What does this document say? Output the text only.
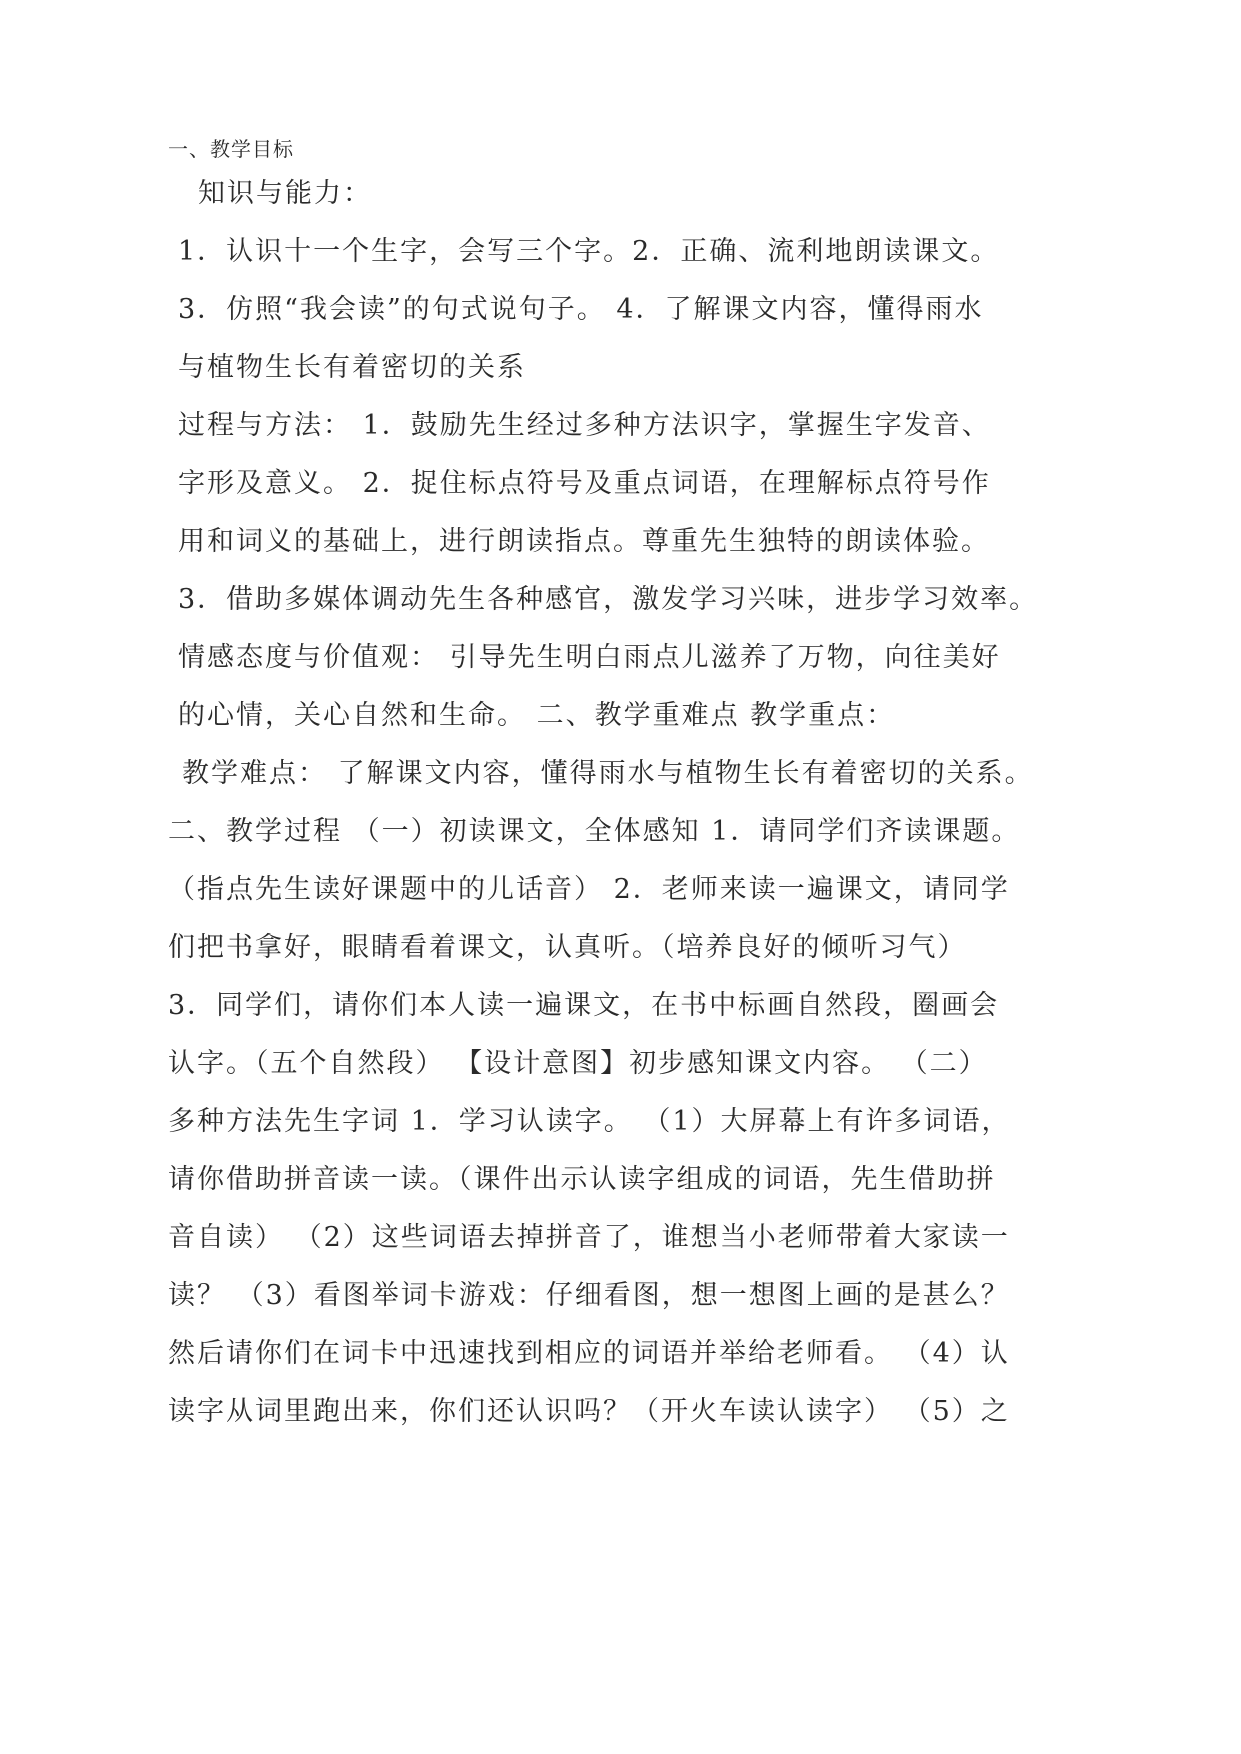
一、教学目标
知识与能力：
1．认识十一个生字，会写三个字。2．正确、流利地朗读课文。
3．仿照“我会读”的句式说句子。 4．了解课文内容，懂得雨水
与植物生长有着密切的关系
过程与方法： 1．鼓励先生经过多种方法识字，掌握生字发音、
字形及意义。 2．捉住标点符号及重点词语，在理解标点符号作
用和词义的基础上，进行朗读指点。尊重先生独特的朗读体验。
3．借助多媒体调动先生各种感官，激发学习兴味，进步学习效率。
情感态度与价值观： 引导先生明白雨点儿滋养了万物，向往美好
的心情，关心自然和生命。 二、教学重难点 教学重点：
教学难点： 了解课文内容，懂得雨水与植物生长有着密切的关系。
二、教学过程 （一）初读课文，全体感知 1．请同学们齐读课题。
（指点先生读好课题中的儿话音） 2．老师来读一遍课文，请同学
们把书拿好，眼睛看着课文，认真听。（培养良好的倾听习气）
3．同学们，请你们本人读一遍课文，在书中标画自然段，圈画会
认字。（五个自然段） 【设计意图】初步感知课文内容。 （二）
多种方法先生字词 1．学习认读字。 （1）大屏幕上有许多词语，
请你借助拼音读一读。（课件出示认读字组成的词语，先生借助拼
音自读） （2）这些词语去掉拼音了，谁想当小老师带着大家读一
读？ （3）看图举词卡游戏：仔细看图，想一想图上画的是甚么？
然后请你们在词卡中迅速找到相应的词语并举给老师看。 （4）认
读字从词里跑出来，你们还认识吗？（开火车读认读字） （5）之
